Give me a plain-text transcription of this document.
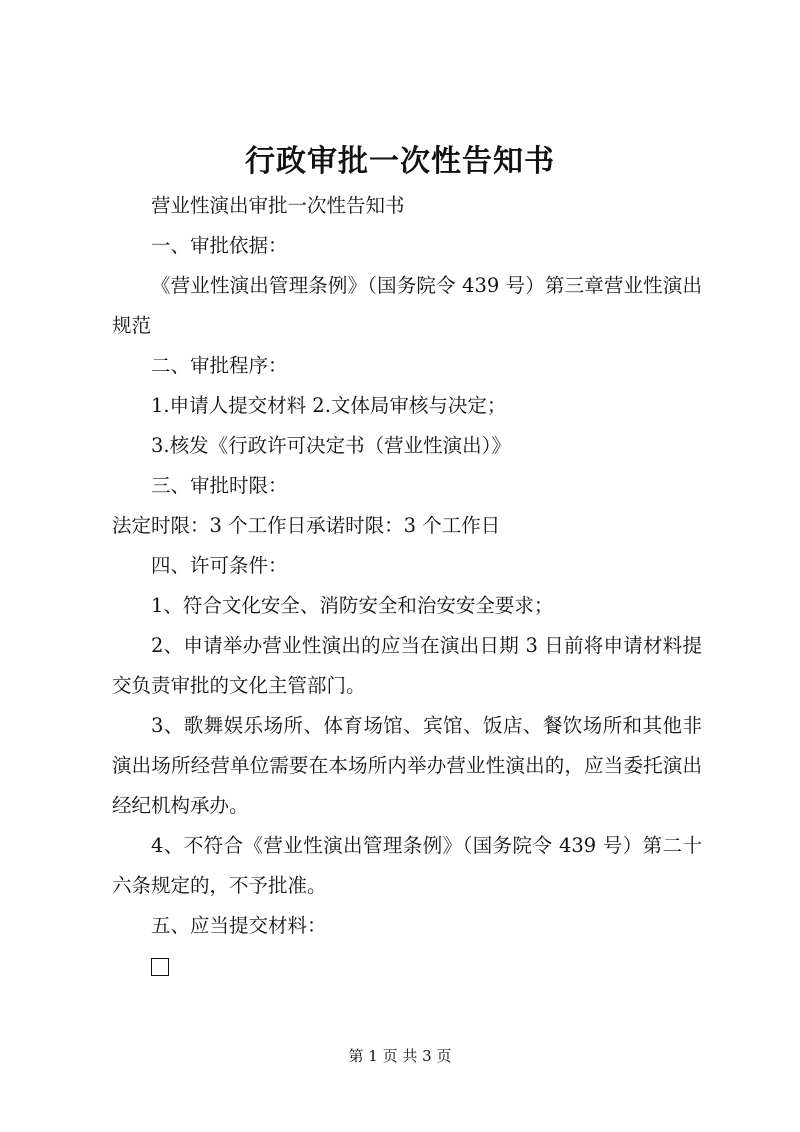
行政审批一次性告知书

营业性演出审批一次性告知书

一、审批依据：

《营业性演出管理条例》（国务院令 439 号）第三章营业性演出规范

二、审批程序：

1.申请人提交材料 2.文体局审核与决定；

3.核发《行政许可决定书（营业性演出）》

三、审批时限：

法定时限：3 个工作日承诺时限：3 个工作日

四、许可条件：

1、符合文化安全、消防安全和治安安全要求；

2、申请举办营业性演出的应当在演出日期 3 日前将申请材料提交负责审批的文化主管部门。

3、歌舞娱乐场所、体育场馆、宾馆、饭店、餐饮场所和其他非演出场所经营单位需要在本场所内举办营业性演出的，应当委托演出经纪机构承办。

4、不符合《营业性演出管理条例》（国务院令 439 号）第二十六条规定的，不予批准。

五、应当提交材料：

第 1 页 共 3 页
